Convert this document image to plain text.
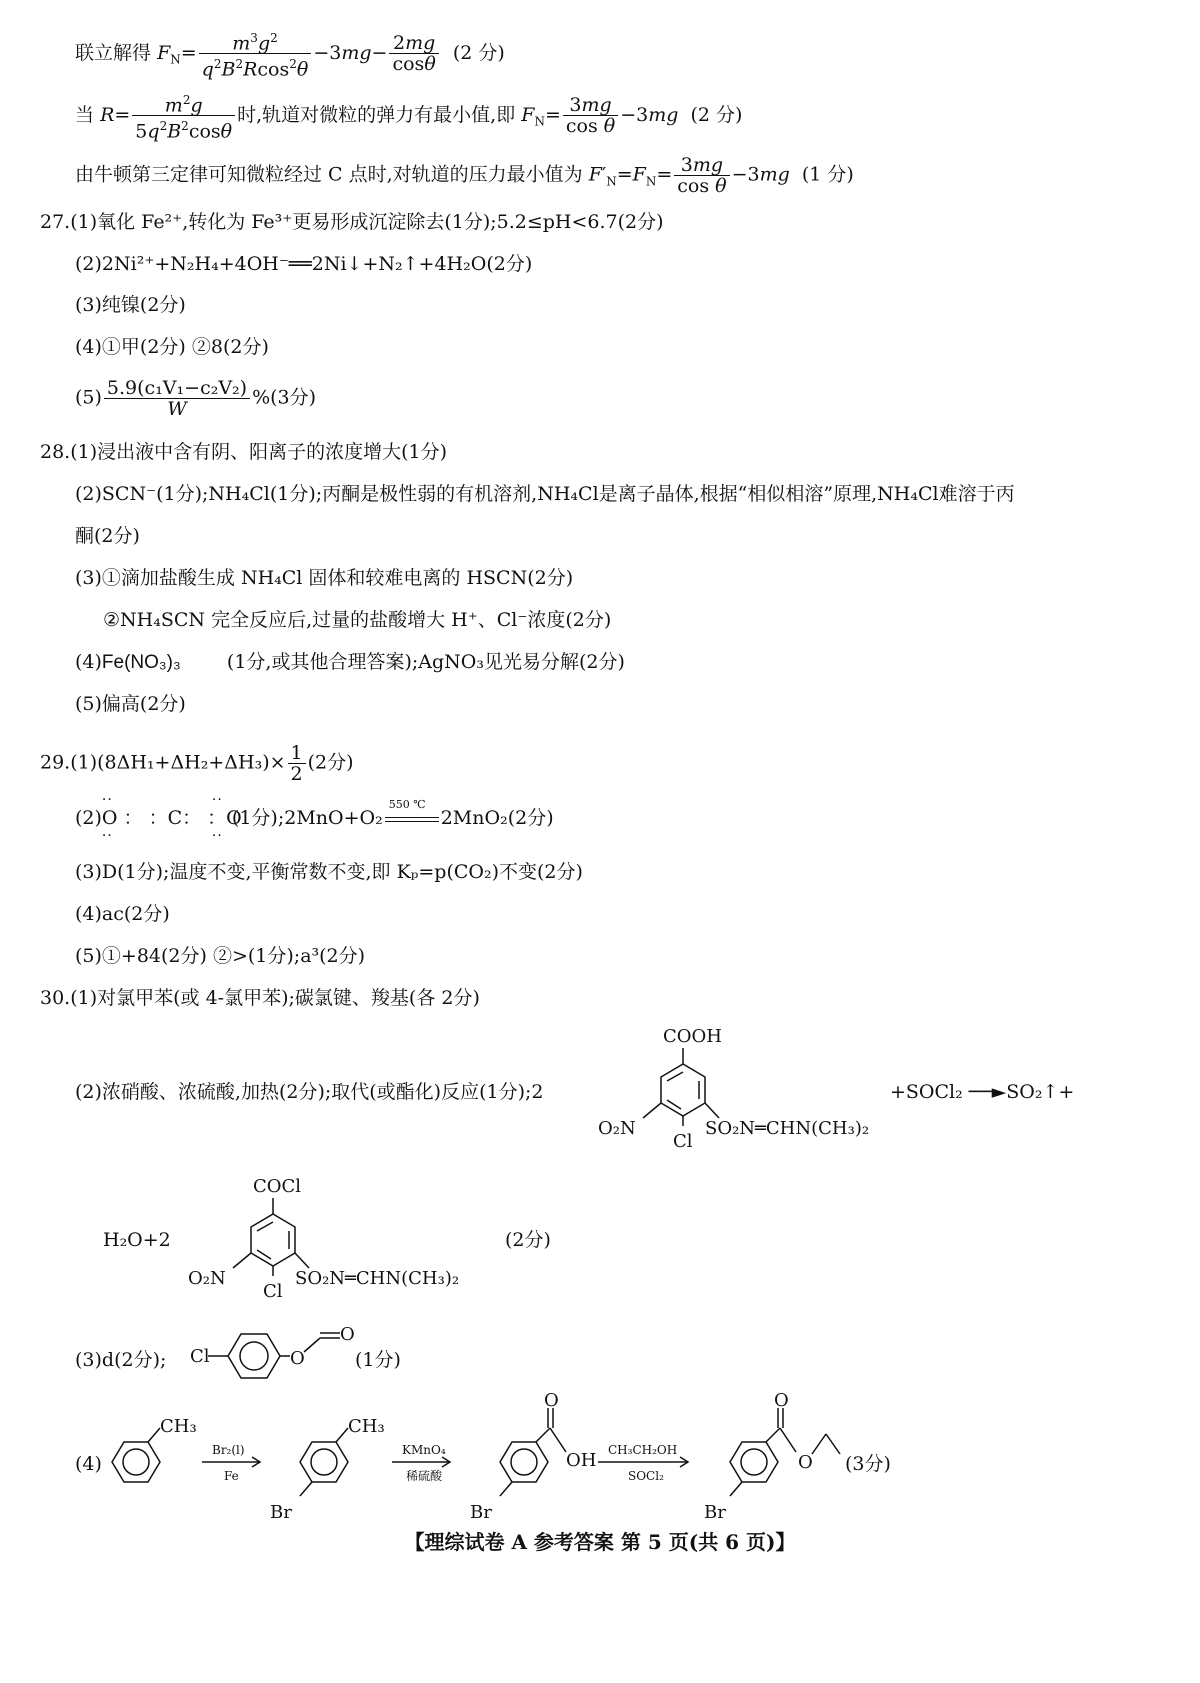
联立解得 $F_N= \frac{m^3g^2}{q^2B^2Rcos^2\theta} -3mg- \frac{2mg}{\cos\theta} (2$ 分)
当 $R= \frac{m^2g}{5q^2B^2\cos\theta}$ 时,轨道对微粒的弹力有最小值,即 $F_N= \frac{3mg}{\text{cos θ}} -3mg$ (2 分)
由牛顿第三定律可知微粒经过 C 点时,对轨道的压力最小值为 $F'_N=F_N= \frac{3mg}{\text{cos θ}} -3mg$ (1 分)
27.(1)氧化 Fe²⁺,转化为 Fe³⁺更易形成沉淀除去(1分);5.2≤pH<6.7(2分)
(2)2Ni²⁺+N₂H₄+4OH⁻══2Ni↓+N₂↑+4H₂O(2分)
(3)纯镍(2分)
(4)①甲(2分) ②8(2分)
$(5) \frac{\text{5.9(c₁V₁−c₂V₂)}}{W} \%(3$分)
28.(1)浸出液中含有阴、阳离子的浓度增大(1分)
(2)SCN⁻(1分);NH₄Cl(1分);丙酮是极性弱的有机溶剂,NH₄Cl是离子晶体,根据“相似相溶”原理,NH₄Cl难溶于丙
酮(2分)
(3)①滴加盐酸生成 NH₄Cl 固体和较难电离的 HSCN(2分)
②NH₄SCN 完全反应后,过量的盐酸增大 H⁺、Cl⁻浓度(2分)
(4)Fe(NO₃)₃ (1分,或其他合理答案);AgNO₃见光易分解(2分)
(5)偏高(2分)
$29.(1)(8\Delta H_1+\Delta H_2+\Delta H_3)\times \frac{1}{2} (2$分)
(2)
··
··
··
··
O ： ：C： ：O(1分);2MnO+O₂
550 ℃
2MnO₂(2分)
(3)D(1分);温度不变,平衡常数不变,即 Kₚ=p(CO₂)不变(2分)
(4)ac(2分)
(5)①+84(2分) ②>(1分);a³(2分)
30.(1)对氯甲苯(或 4-氯甲苯);碳氯键、羧基(各 2分)
(2)浓硝酸、浓硫酸,加热(2分);取代(或酯化)反应(1分);2
COOH
O₂N	SO₂N═CHN(CH₃)₂
Cl
+SOCl₂ ──►SO₂↑+
H₂O+2
COCl
O₂N	SO₂N═CHN(CH₃)₂
Cl
(2分)
(3)d(2分); Cl	O
O
(1分)
(4)
CH₃
Br₂(l)
Fe
CH₃
Br
KMnO₄
稀硫酸
O
OH
Br
CH₃CH₂OH
SOCl₂
O
O
Br
(3分)
【理综试卷 A 参考答案 第 5 页(共 6 页)】
